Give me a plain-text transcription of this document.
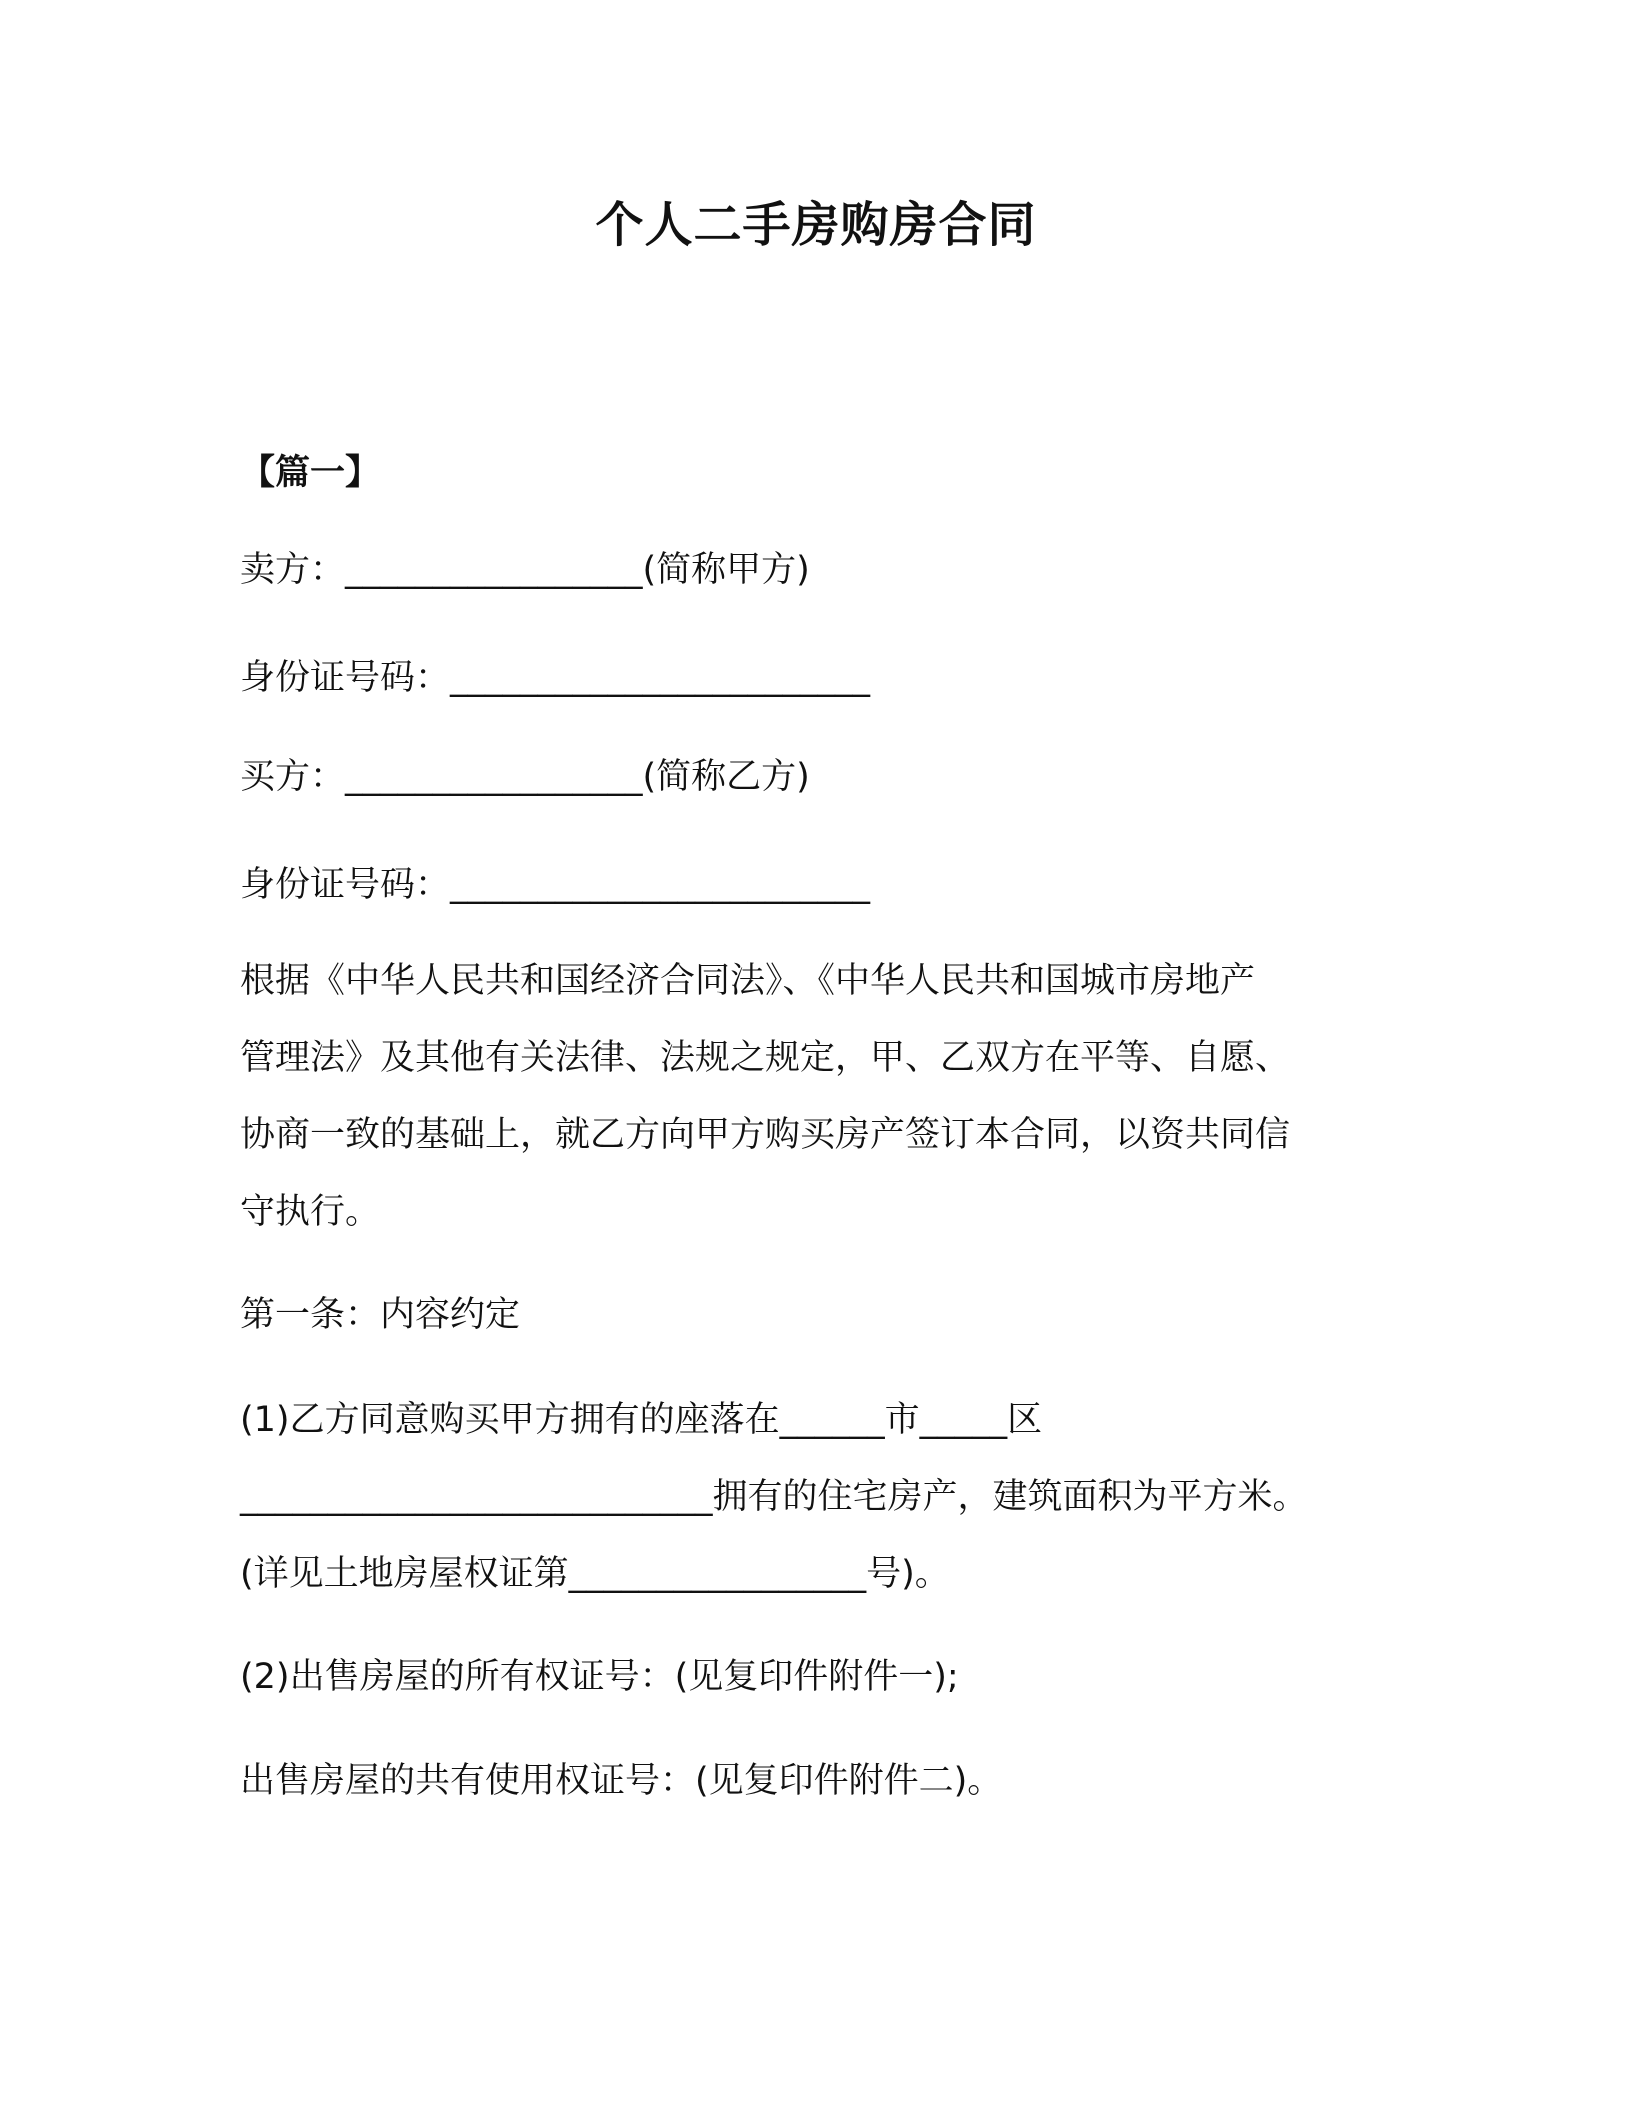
个人二手房购房合同
【篇一】
卖方：_________________(简称甲方)
身份证号码：________________________
买方：_________________(简称乙方)
身份证号码：________________________
根据《中华人民共和国经济合同法》、《中华人民共和国城市房地产
管理法》及其他有关法律、法规之规定，甲、乙双方在平等、自愿、
协商一致的基础上，就乙方向甲方购买房产签订本合同，以资共同信
守执行。
第一条：内容约定
(1)乙方同意购买甲方拥有的座落在______市_____区
___________________________拥有的住宅房产，建筑面积为平方米。
(详见土地房屋权证第_________________号)。
(2)出售房屋的所有权证号：(见复印件附件一);
出售房屋的共有使用权证号：(见复印件附件二)。
